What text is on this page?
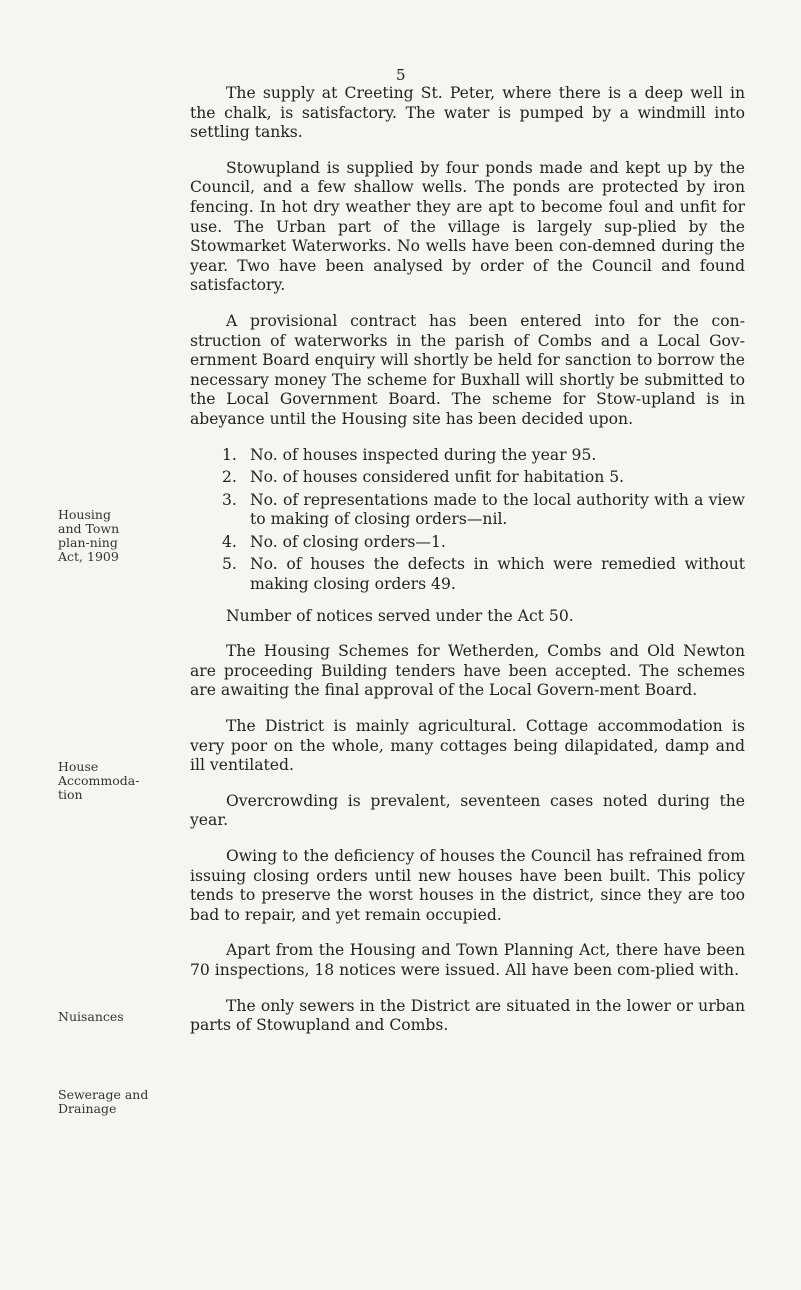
5
Housing and Town plan-ning Act, 1909
House Accommoda-tion
Nuisances
Sewerage and Drainage

The supply at Creeting St. Peter, where there is a deep well in the chalk, is satisfactory. The water is pumped by a windmill into settling tanks.

Stowupland is supplied by four ponds made and kept up by the Council, and a few shallow wells. The ponds are protected by iron fencing. In hot dry weather they are apt to become foul and unfit for use. The Urban part of the village is largely sup-plied by the Stowmarket Waterworks. No wells have been con-demned during the year. Two have been analysed by order of the Council and found satisfactory.

A provisional contract has been entered into for the con-struction of waterworks in the parish of Combs and a Local Gov-ernment Board enquiry will shortly be held for sanction to borrow the necessary money The scheme for Buxhall will shortly be submitted to the Local Government Board. The scheme for Stow-upland is in abeyance until the Housing site has been decided upon.

1. No. of houses inspected during the year 95.
2. No. of houses considered unfit for habitation 5.
3. No. of representations made to the local authority with a view to making of closing orders—nil.
4. No. of closing orders—1.
5. No. of houses the defects in which were remedied without making closing orders 49.

Number of notices served under the Act 50.

The Housing Schemes for Wetherden, Combs and Old Newton are proceeding Building tenders have been accepted. The schemes are awaiting the final approval of the Local Govern-ment Board.

The District is mainly agricultural. Cottage accommodation is very poor on the whole, many cottages being dilapidated, damp and ill ventilated.

Overcrowding is prevalent, seventeen cases noted during the year.

Owing to the deficiency of houses the Council has refrained from issuing closing orders until new houses have been built. This policy tends to preserve the worst houses in the district, since they are too bad to repair, and yet remain occupied.

Apart from the Housing and Town Planning Act, there have been 70 inspections, 18 notices were issued. All have been com-plied with.

The only sewers in the District are situated in the lower or urban parts of Stowupland and Combs.
